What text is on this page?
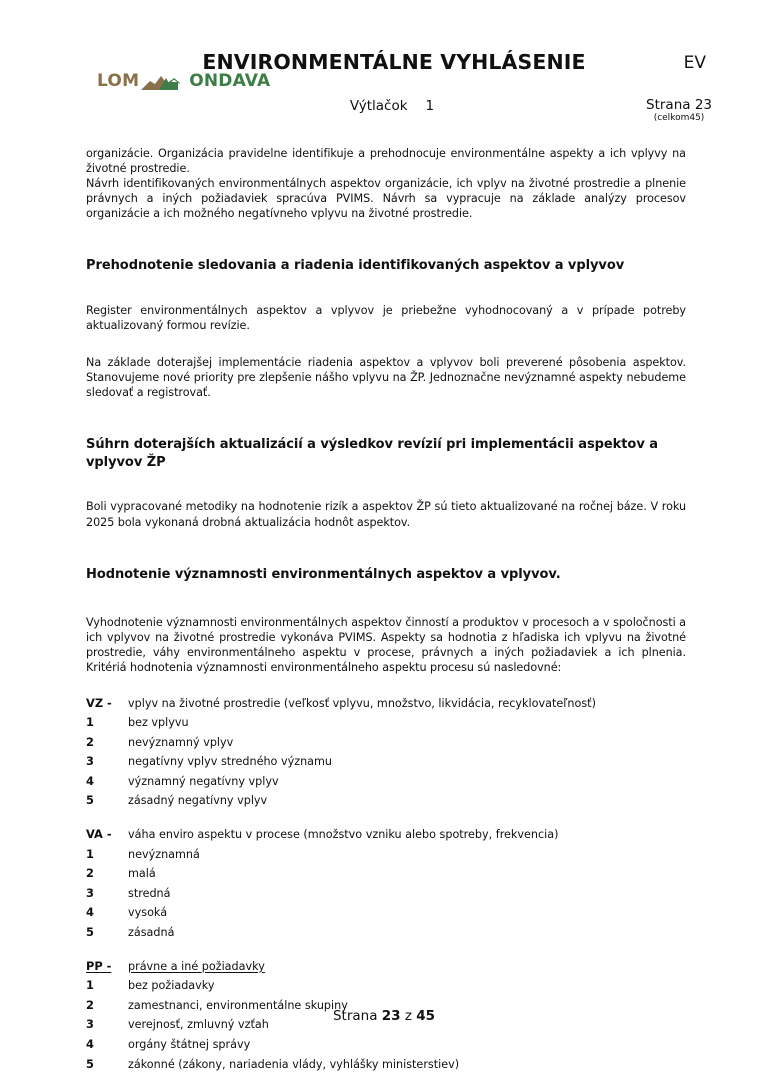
LOM	ONDAVA
ENVIRONMENTÁLNE VYHLÁSENIE	EV
Výtlačok 1	Strana 23
(celkom45)

organizácie. Organizácia pravidelne identifikuje a prehodnocuje environmentálne aspekty a ich vplyvy na životné prostredie.

Návrh identifikovaných environmentálnych aspektov organizácie, ich vplyv na životné prostredie a plnenie právnych a iných požiadaviek spracúva PVIMS. Návrh sa vypracuje na základe analýzy procesov organizácie a ich možného negatívneho vplyvu na životné prostredie.

Prehodnotenie sledovania a riadenia identifikovaných aspektov a vplyvov

Register environmentálnych aspektov a vplyvov je priebežne vyhodnocovaný a v prípade potreby aktualizovaný formou revízie.

Na základe doterajšej implementácie riadenia aspektov a vplyvov boli preverené pôsobenia aspektov. Stanovujeme nové priority pre zlepšenie nášho vplyvu na ŽP. Jednoznačne nevýznamné aspekty nebudeme sledovať a registrovať.

Súhrn doterajších aktualizácií a výsledkov revízií pri implementácii aspektov a vplyvov ŽP

Boli vypracované metodiky na hodnotenie rizík a aspektov ŽP sú tieto aktualizované na ročnej báze. V roku 2025 bola vykonaná drobná aktualizácia hodnôt aspektov.

Hodnotenie významnosti environmentálnych aspektov a vplyvov.

Vyhodnotenie významnosti environmentálnych aspektov činností a produktov v procesoch a v spoločnosti a ich vplyvov na životné prostredie vykonáva PVIMS. Aspekty sa hodnotia z hľadiska ich vplyvu na životné prostredie, váhy environmentálneho aspektu v procese, právnych a iných požiadaviek a ich plnenia. Kritériá hodnotenia významnosti environmentálneho aspektu procesu sú nasledovné:

VZ -	vplyv na životné prostredie (veľkosť vplyvu, množstvo, likvidácia, recyklovateľnosť)
1	bez vplyvu
2	nevýznamný vplyv
3	negatívny vplyv stredného významu
4	významný negatívny vplyv
5	zásadný negatívny vplyv
VA -	váha enviro aspektu v procese (množstvo vzniku alebo spotreby, frekvencia)
1	nevýznamná
2	malá
3	stredná
4	vysoká
5	zásadná
PP -	právne a iné požiadavky
1	bez požiadavky
2	zamestnanci, environmentálne skupiny
3	verejnosť, zmluvný vzťah
4	orgány štátnej správy
5	zákonné (zákony, nariadenia vlády, vyhlášky ministerstiev)
Strana 23 z 45
